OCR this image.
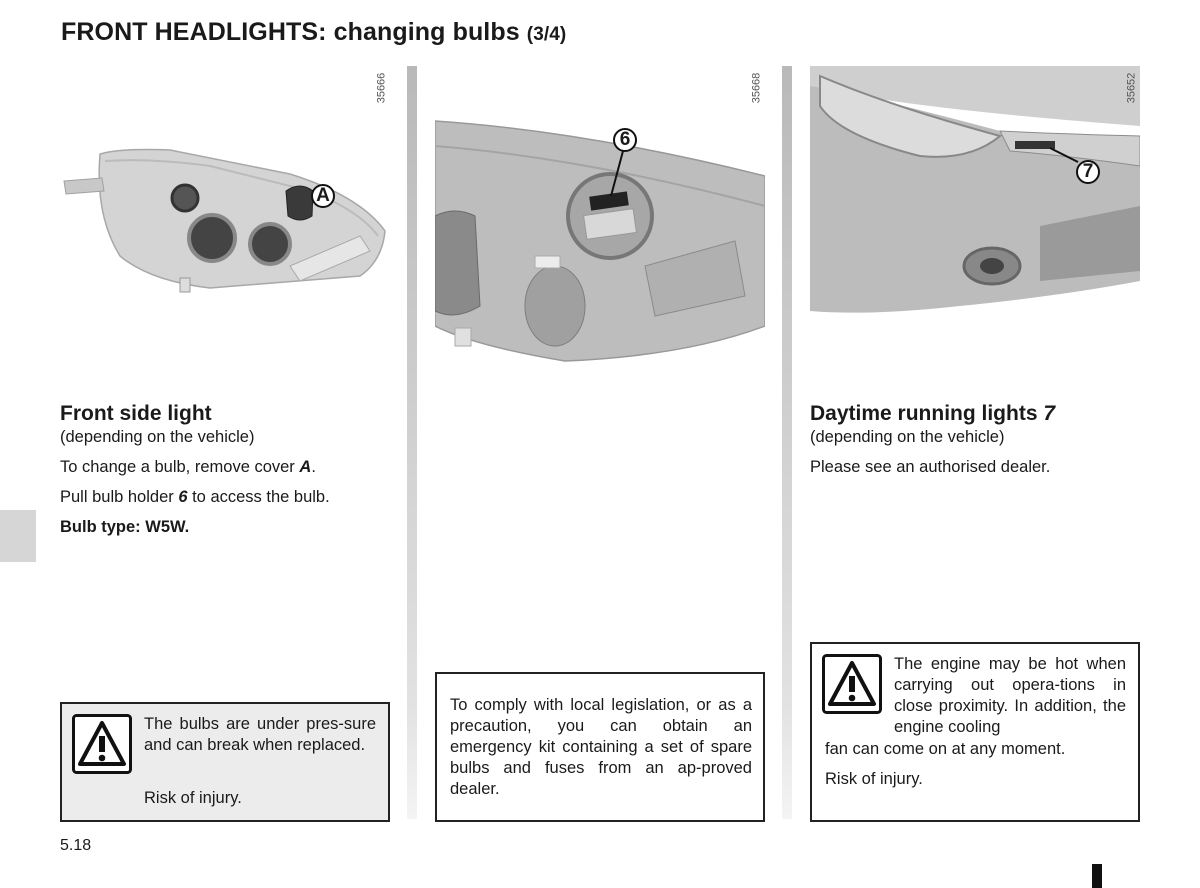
FRONT HEADLIGHTS: changing bulbs (3/4)
A
35666
6
35668
7
35652
Front side light
(depending on the vehicle)
To change a bulb, remove cover A.
Pull bulb holder 6 to access the bulb.
Bulb type: W5W.
The bulbs are under pres-sure and can break when replaced.
Risk of injury.
To comply with local legislation, or as a precaution, you can obtain an emergency kit containing a set of spare bulbs and fuses from an ap-proved dealer.
Daytime running lights 7
(depending on the vehicle)
Please see an authorised dealer.
The engine may be hot when carrying out opera-tions in close proximity. In addition, the engine cooling
fan can come on at any moment.
Risk of injury.
5.18
